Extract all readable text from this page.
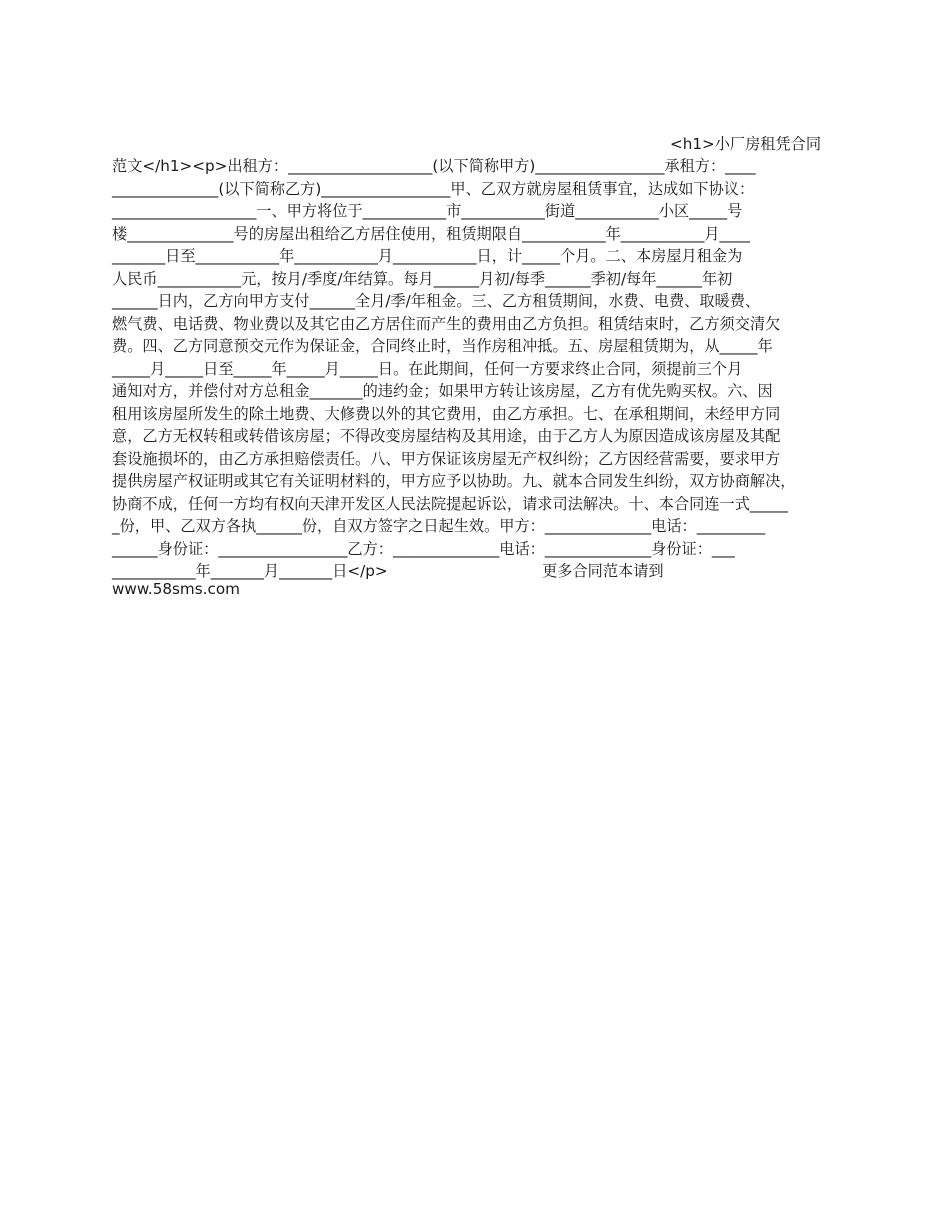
<h1>小厂房租凭合同

范文</h1><p>出租方：___________________(以下简称甲方)_________________承租方：____

______________(以下简称乙方)_________________甲、乙双方就房屋租赁事宜，达成如下协议：

___________________一、甲方将位于___________市___________街道___________小区_____号

楼______________号的房屋出租给乙方居住使用，租赁期限自___________年___________月____

_______日至___________年___________月___________日，计_____个月。二、本房屋月租金为

人民币___________元，按月/季度/年结算。每月______月初/每季______季初/每年______年初

______日内，乙方向甲方支付______全月/季/年租金。三、乙方租赁期间，水费、电费、取暖费、

燃气费、电话费、物业费以及其它由乙方居住而产生的费用由乙方负担。租赁结束时，乙方须交清欠

费。四、乙方同意预交元作为保证金，合同终止时，当作房租冲抵。五、房屋租赁期为，从_____年

_____月_____日至_____年_____月_____日。在此期间，任何一方要求终止合同，须提前三个月

通知对方，并偿付对方总租金_______的违约金；如果甲方转让该房屋，乙方有优先购买权。六、因

租用该房屋所发生的除土地费、大修费以外的其它费用，由乙方承担。七、在承租期间，未经甲方同

意，乙方无权转租或转借该房屋；不得改变房屋结构及其用途，由于乙方人为原因造成该房屋及其配

套设施损坏的，由乙方承担赔偿责任。八、甲方保证该房屋无产权纠纷；乙方因经营需要，要求甲方

提供房屋产权证明或其它有关证明材料的，甲方应予以协助。九、就本合同发生纠纷，双方协商解决，

协商不成，任何一方均有权向天津开发区人民法院提起诉讼，请求司法解决。十、本合同连一式_____

_份，甲、乙双方各执______份，自双方签字之日起生效。甲方：______________电话：_________

______身份证：_________________乙方：______________电话：______________身份证：___

___________年_______月_______日</p>                                更多合同范本请到

www.58sms.com
